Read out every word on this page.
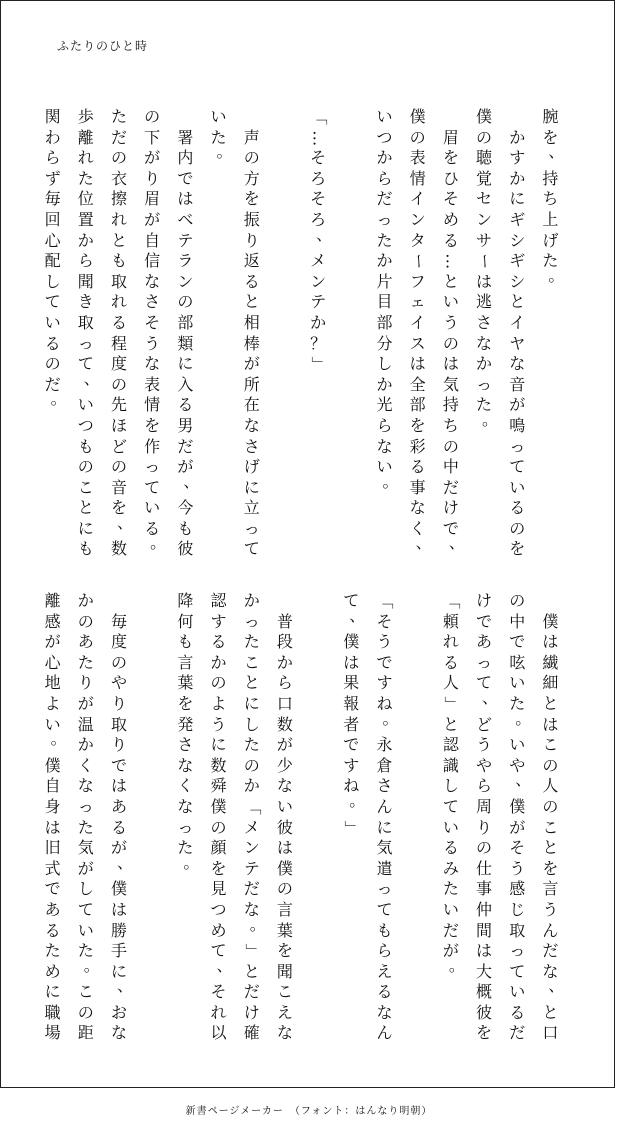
ふたりのひと時
腕
を
、
持
ち
上
げ
た
。

か
す
か
に
ギ
シ
ギ
シ
と
イ
ヤ
な
音
が
鳴
っ
て
い
る
の
を
僕
の
聴
覚
セ
ン
サ
ー
は
逃
さ
な
か
っ
た
。

眉
を
ひ
そ
め
る
…
と
い
う
の
は
気
持
ち
の
中
だ
け
で
、
僕
の
表
情
イ
ン
タ
ー
フ
ェ
イ
ス
は
全
部
を
彩
る
事
な
く
、
い
つ
か
ら
だ
っ
た
か
片
目
部
分
し
か
光
ら
な
い
。
「
…
そ
ろ
そ
ろ
、
メ
ン
テ
か
？
」

声
の
方
を
振
り
返
る
と
相
棒
が
所
在
な
さ
げ
に
立
っ
て
い
た
。

署
内
で
は
ベ
テ
ラ
ン
の
部
類
に
入
る
男
だ
が
、
今
も
彼
の
下
が
り
眉
が
自
信
な
さ
そ
う
な
表
情
を
作
っ
て
い
る
。
た
だ
の
衣
擦
れ
と
も
取
れ
る
程
度
の
先
ほ
ど
の
音
を
、
数
歩
離
れ
た
位
置
か
ら
聞
き
取
っ
て
、
い
つ
も
の
こ
と
に
も
関
わ
ら
ず
毎
回
心
配
し
て
い
る
の
だ
。

僕
は
繊
細
と
は
こ
の
人
の
こ
と
を
言
う
ん
だ
な
、
と
口
の
中
で
呟
い
た
。
い
や
、
僕
が
そ
う
感
じ
取
っ
て
い
る
だ
け
で
あ
っ
て
、
ど
う
や
ら
周
り
の
仕
事
仲
間
は
大
概
彼
を
「
頼
れ
る
人
」
と
認
識
し
て
い
る
み
た
い
だ
が
。
「
そ
う
で
す
ね
。
永
倉
さ
ん
に
気
遣
っ
て
も
ら
え
る
な
ん
て
、
僕
は
果
報
者
で
す
ね
。
」

普
段
か
ら
口
数
が
少
な
い
彼
は
僕
の
言
葉
を
聞
こ
え
な
か
っ
た
こ
と
に
し
た
の
か
「
メ
ン
テ
だ
な
。
」
と
だ
け
確
認
す
る
か
の
よ
う
に
数
舜
僕
の
顔
を
見
つ
め
て
、
そ
れ
以
降
何
も
言
葉
を
発
さ
な
く
な
っ
た
。

毎
度
の
や
り
取
り
で
は
あ
る
が
、
僕
は
勝
手
に
、
お
な
か
の
あ
た
り
が
温
か
く
な
っ
た
気
が
し
て
い
た
。
こ
の
距
離
感
が
心
地
よ
い
。
僕
自
身
は
旧
式
で
あ
る
た
め
に
職
場
新書ページメーカー　（フォント：はんなり明朝）
